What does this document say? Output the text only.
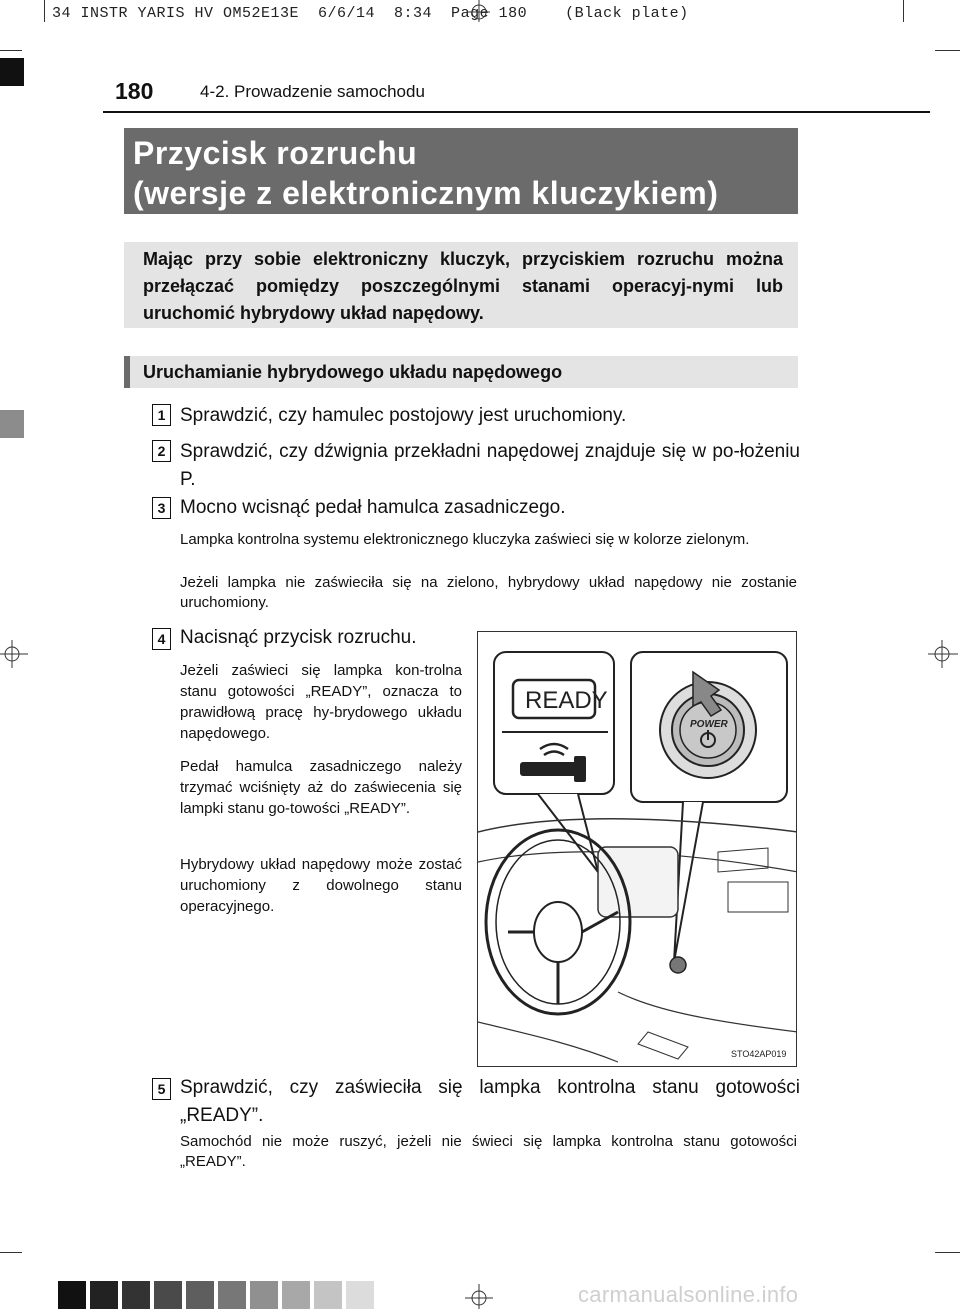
34 INSTR YARIS HV OM52E13E  6/6/14  8:34  Page 180    (Black plate)
180	4-2. Prowadzenie samochodu
Przycisk rozruchu
(wersje z elektronicznym kluczykiem)
Mając przy sobie elektroniczny kluczyk, przyciskiem rozruchu można przełączać pomiędzy poszczególnymi stanami operacyj-nymi lub uruchomić hybrydowy układ napędowy.
Uruchamianie hybrydowego układu napędowego
1 Sprawdzić, czy hamulec postojowy jest uruchomiony.
2 Sprawdzić, czy dźwignia przekładni napędowej znajduje się w po-łożeniu P.
3 Mocno wcisnąć pedał hamulca zasadniczego.
Lampka kontrolna systemu elektronicznego kluczyka zaświeci się w kolorze zielonym.
Jeżeli lampka nie zaświeciła się na zielono, hybrydowy układ napędowy nie zostanie uruchomiony.
4 Nacisnąć przycisk rozruchu.
Jeżeli zaświeci się lampka kon-trolna stanu gotowości „READY”, oznacza to prawidłową pracę hy-brydowego układu napędowego.
Pedał hamulca zasadniczego należy trzymać wciśnięty aż do zaświecenia się lampki stanu go-towości „READY”.
Hybrydowy układ napędowy może zostać uruchomiony z dowolnego stanu operacyjnego.
READY
POWER
STO42AP019
5 Sprawdzić, czy zaświeciła się lampka kontrolna stanu gotowości „READY”.
Samochód nie może ruszyć, jeżeli nie świeci się lampka kontrolna stanu gotowości „READY”.
carmanualsonline.info
